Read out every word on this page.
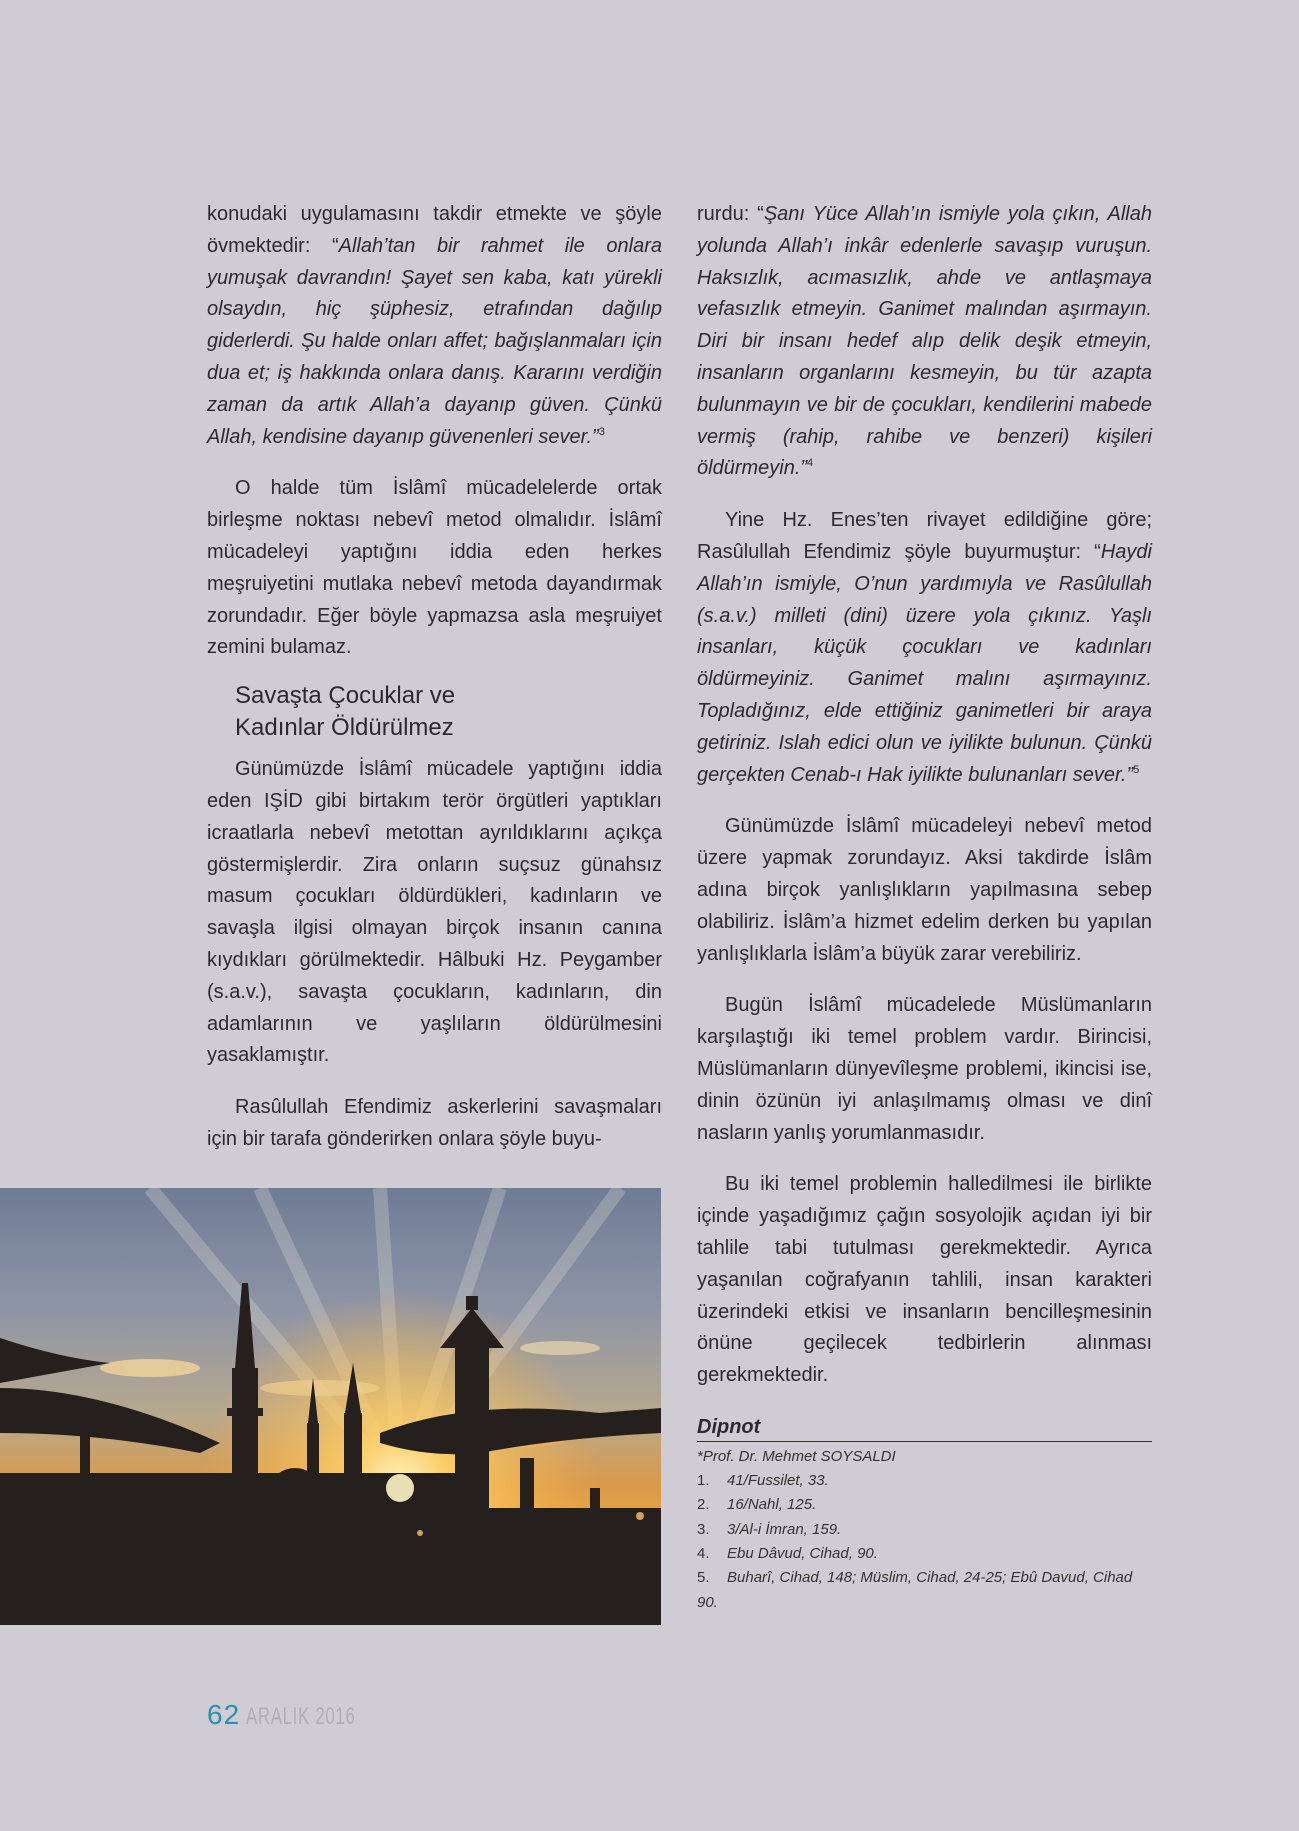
konudaki uygulamasını takdir etmekte ve şöyle övmektedir: “Allah’tan bir rahmet ile onlara yumuşak davrandın! Şayet sen kaba, katı yürekli olsaydın, hiç şüphesiz, etrafından dağılıp giderlerdi. Şu halde onları affet; bağışlanmaları için dua et; iş hakkında onlara danış. Kararını verdiğin zaman da artık Allah’a dayanıp güven. Çünkü Allah, kendisine dayanıp güvenenleri sever.”$^3$

O halde tüm İslâmî mücadelelerde ortak birleşme noktası nebevî metod olmalıdır. İslâmî mücadeleyi yaptığını iddia eden herkes meşruiyetini mutlaka nebevî metoda dayandırmak zorundadır. Eğer böyle yapmazsa asla meşruiyet zemini bulamaz.

Savaşta Çocuklar ve
Kadınlar Öldürülmez

Günümüzde İslâmî mücadele yaptığını iddia eden IŞİD gibi birtakım terör örgütleri yaptıkları icraatlarla nebevî metottan ayrıldıklarını açıkça göstermişlerdir. Zira onların suçsuz günahsız masum çocukları öldürdükleri, kadınların ve savaşla ilgisi olmayan birçok insanın canına kıydıkları görülmektedir. Hâlbuki Hz. Peygamber (s.a.v.), savaşta çocukların, kadınların, din adamlarının ve yaşlıların öldürülmesini yasaklamıştır.

Rasûlullah Efendimiz askerlerini savaşmaları için bir tarafa gönderirken onlara şöyle buyu-

rurdu: “Şanı Yüce Allah’ın ismiyle yola çıkın, Allah yolunda Allah’ı inkâr edenlerle savaşıp vuruşun. Haksızlık, acımasızlık, ahde ve antlaşmaya vefasızlık etmeyin. Ganimet malından aşırmayın. Diri bir insanı hedef alıp delik deşik etmeyin, insanların organlarını kesmeyin, bu tür azapta bulunmayın ve bir de çocukları, kendilerini mabede vermiş (rahip, rahibe ve benzeri) kişileri öldürmeyin.”$^4$

Yine Hz. Enes’ten rivayet edildiğine göre; Rasûlullah Efendimiz şöyle buyurmuştur: “Haydi Allah’ın ismiyle, O’nun yardımıyla ve Rasûlullah (s.a.v.) milleti (dini) üzere yola çıkınız. Yaşlı insanları, küçük çocukları ve kadınları öldürmeyiniz. Ganimet malını aşırmayınız. Topladığınız, elde ettiğiniz ganimetleri bir araya getiriniz. Islah edici olun ve iyilikte bulunun. Çünkü gerçekten Cenab-ı Hak iyilikte bulunanları sever.”$^5$

Günümüzde İslâmî mücadeleyi nebevî metod üzere yapmak zorundayız. Aksi takdirde İslâm adına birçok yanlışlıkların yapılmasına sebep olabiliriz. İslâm’a hizmet edelim derken bu yapılan yanlışlıklarla İslâm’a büyük zarar verebiliriz.

Bugün İslâmî mücadelede Müslümanların karşılaştığı iki temel problem vardır. Birincisi, Müslümanların dünyevîleşme problemi, ikincisi ise, dinin özünün iyi anlaşılmamış olması ve dinî nasların yanlış yorumlanmasıdır.

Bu iki temel problemin halledilmesi ile birlikte içinde yaşadığımız çağın sosyolojik açıdan iyi bir tahlile tabi tutulması gerekmektedir. Ayrıca yaşanılan coğrafyanın tahlili, insan karakteri üzerindeki etkisi ve insanların bencilleşmesinin önüne geçilecek tedbirlerin alınması gerekmektedir.

Dipnot
*Prof. Dr. Mehmet SOYSALDI
1. 41/Fussilet, 33.
2. 16/Nahl, 125.
3. 3/Al-i İmran, 159.
4. Ebu Dâvud, Cihad, 90.
5. Buharî, Cihad, 148; Müslim, Cihad, 24-25; Ebû Davud, Cihad 90.
62 ARALIK 2016
